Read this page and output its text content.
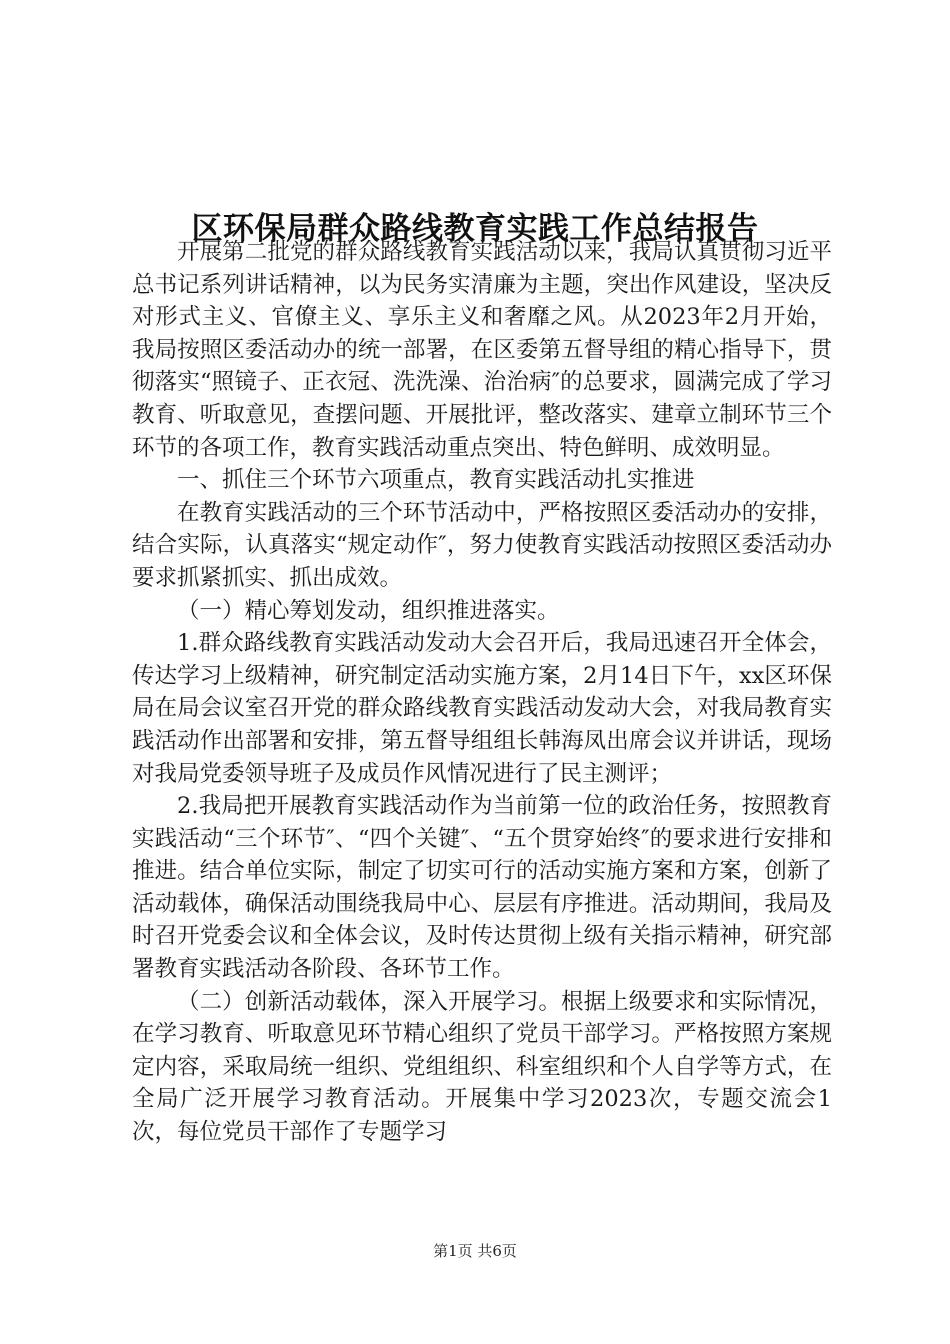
区环保局群众路线教育实践工作总结报告

开展第二批党的群众路线教育实践活动以来，我局认真贯彻习近平总书记系列讲话精神，以为民务实清廉为主题，突出作风建设，坚决反对形式主义、官僚主义、享乐主义和奢靡之风。从2023年2月开始，我局按照区委活动办的统一部署，在区委第五督导组的精心指导下，贯彻落实“照镜子、正衣冠、洗洗澡、治治病″的总要求，圆满完成了学习教育、听取意见，查摆问题、开展批评，整改落实、建章立制环节三个环节的各项工作，教育实践活动重点突出、特色鲜明、成效明显。

一、抓住三个环节六项重点，教育实践活动扎实推进

在教育实践活动的三个环节活动中，严格按照区委活动办的安排，结合实际，认真落实“规定动作″，努力使教育实践活动按照区委活动办要求抓紧抓实、抓出成效。

（一）精心筹划发动，组织推进落实。

1.群众路线教育实践活动发动大会召开后，我局迅速召开全体会，传达学习上级精神，研究制定活动实施方案，2月14日下午，xx区环保局在局会议室召开党的群众路线教育实践活动发动大会，对我局教育实践活动作出部署和安排，第五督导组组长韩海凤出席会议并讲话，现场对我局党委领导班子及成员作风情况进行了民主测评；

2.我局把开展教育实践活动作为当前第一位的政治任务，按照教育实践活动“三个环节″、“四个关键″、“五个贯穿始终″的要求进行安排和推进。结合单位实际，制定了切实可行的活动实施方案和方案，创新了活动载体，确保活动围绕我局中心、层层有序推进。活动期间，我局及时召开党委会议和全体会议，及时传达贯彻上级有关指示精神，研究部署教育实践活动各阶段、各环节工作。

（二）创新活动载体，深入开展学习。根据上级要求和实际情况，在学习教育、听取意见环节精心组织了党员干部学习。严格按照方案规定内容，采取局统一组织、党组组织、科室组织和个人自学等方式，在全局广泛开展学习教育活动。开展集中学习2023次，专题交流会1次，每位党员干部作了专题学习

第1页 共6页
